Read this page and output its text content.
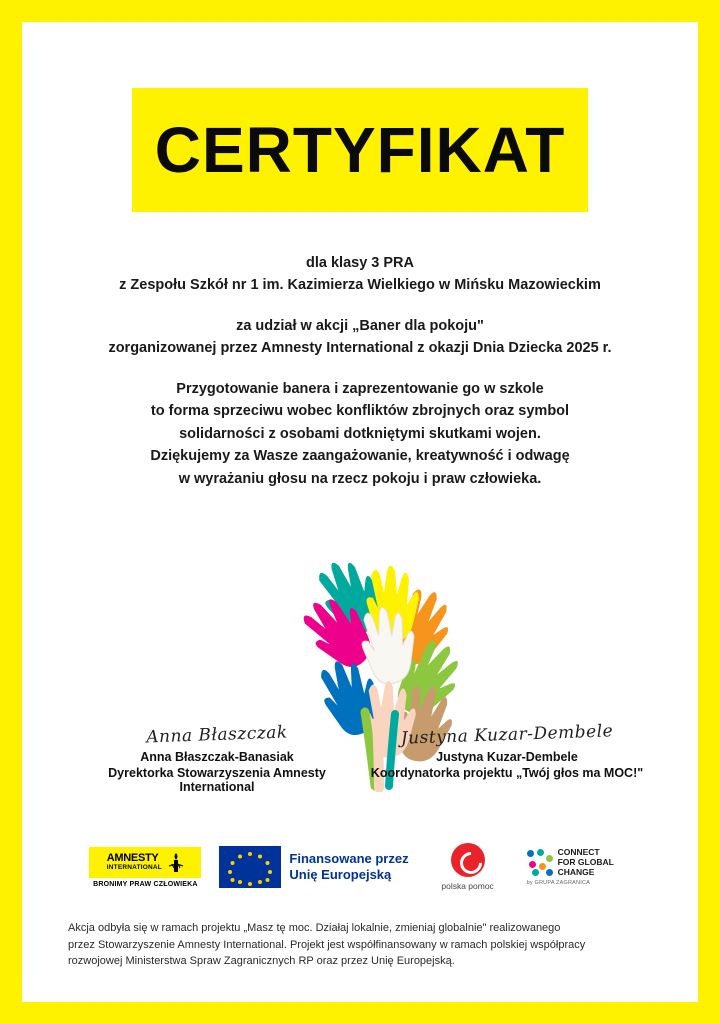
CERTYFIKAT
dla klasy 3 PRA
z Zespołu Szkół nr 1 im. Kazimierza Wielkiego w Mińsku Mazowieckim
za udział w akcji „Baner dla pokoju"
zorganizowanej przez Amnesty International z okazji Dnia Dziecka 2025 r.
Przygotowanie banera i zaprezentowanie go w szkole
to forma sprzeciwu wobec konfliktów zbrojnych oraz symbol
solidarności z osobami dotkniętymi skutkami wojen.
Dziękujemy za Wasze zaangażowanie, kreatywność i odwagę
w wyrażaniu głosu na rzecz pokoju i praw człowieka.
Anna Błaszczak
Anna Błaszczak-Banasiak
Dyrektorka Stowarzyszenia Amnesty International
Justyna Kuzar-Dembele
Justyna Kuzar-Dembele
Koordynatorka projektu „Twój głos ma MOC!"
AMNESTY
INTERNATIONAL
BRONIMY PRAW CZŁOWIEKA
Finansowane przez
Unię Europejską
polska pomoc
CONNECT
FOR GLOBAL
CHANGE
by GRUPA ZAGRANICA
Akcja odbyła się w ramach projektu „Masz tę moc. Działaj lokalnie, zmieniaj globalnie" realizowanego
przez Stowarzyszenie Amnesty International. Projekt jest współfinansowany w ramach polskiej współpracy
rozwojowej Ministerstwa Spraw Zagranicznych RP oraz przez Unię Europejską.
